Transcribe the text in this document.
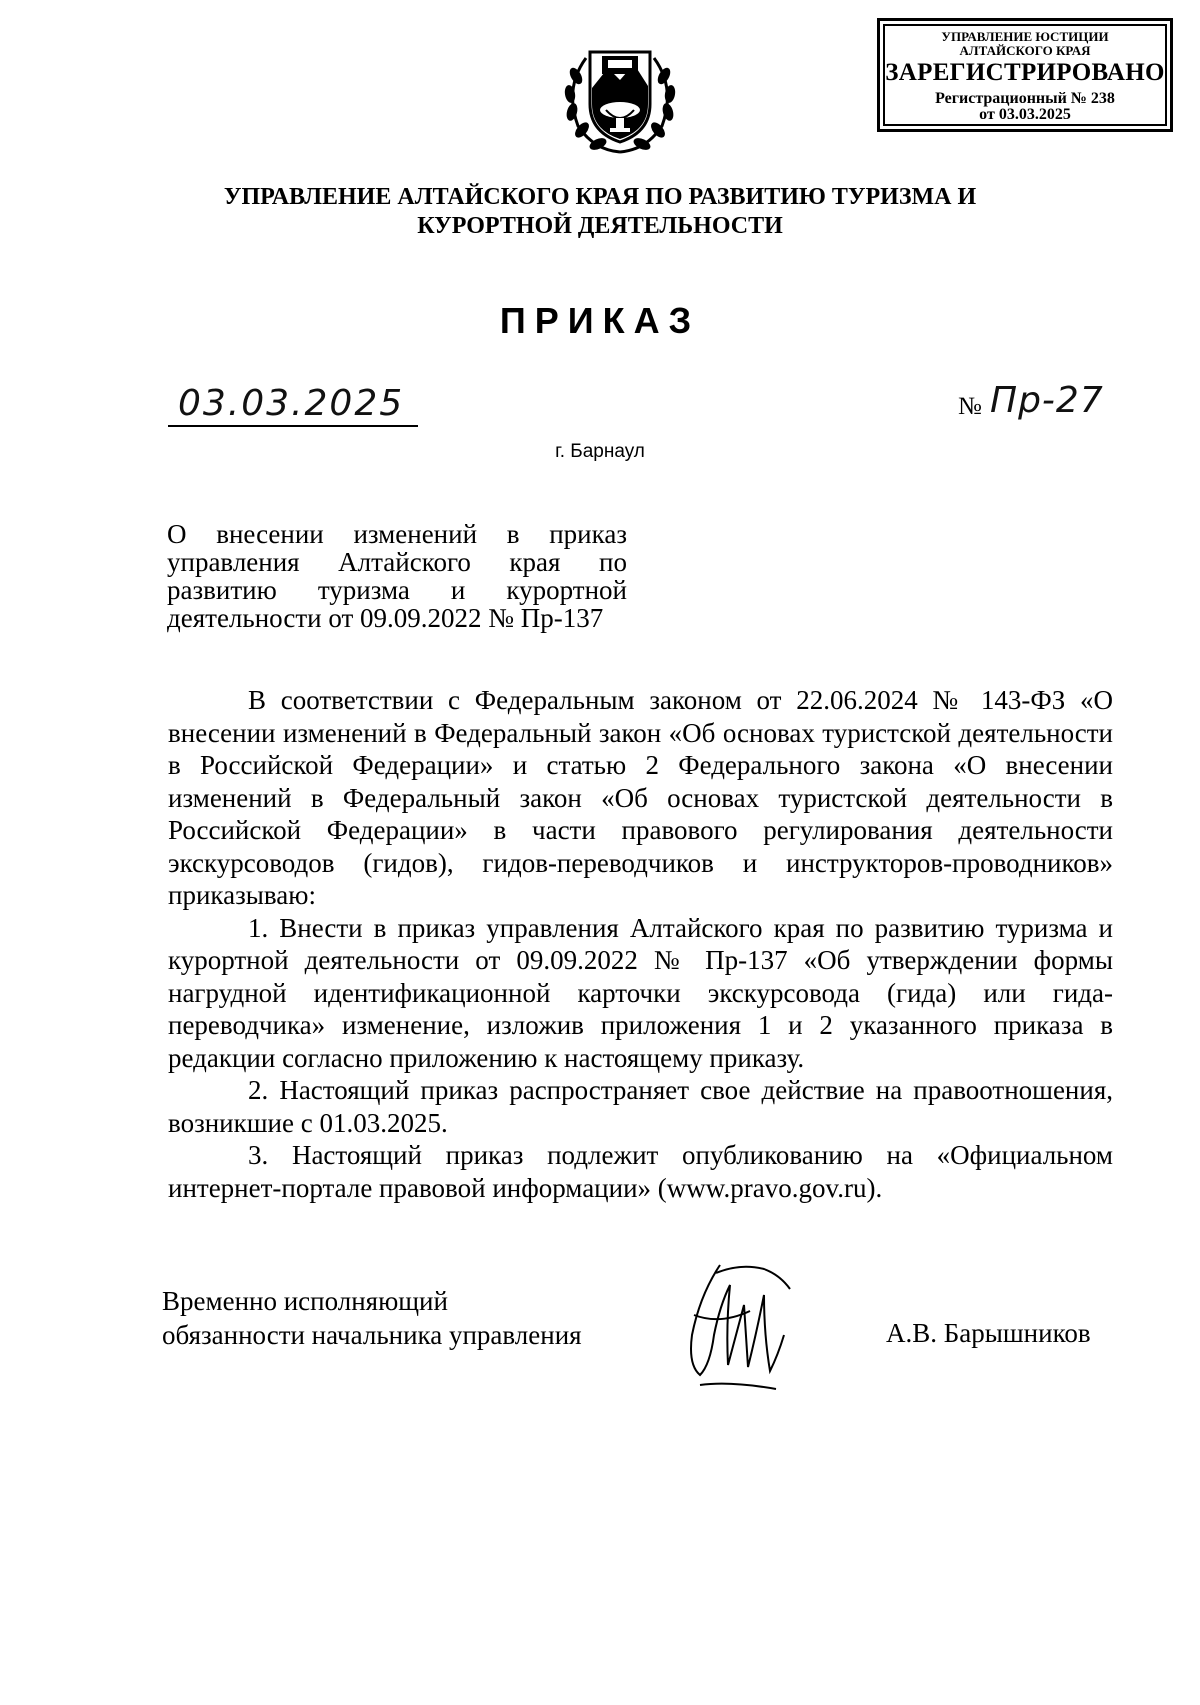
УПРАВЛЕНИЕ ЮСТИЦИИ
АЛТАЙСКОГО КРАЯ
ЗАРЕГИСТРИРОВАНО
Регистрационный № 238
от 03.03.2025
УПРАВЛЕНИЕ АЛТАЙСКОГО КРАЯ ПО РАЗВИТИЮ ТУРИЗМА И
КУРОРТНОЙ ДЕЯТЕЛЬНОСТИ
ПРИКАЗ
03.03.2025	№ Пр-27
г. Барнаул
О внесении изменений в приказ управления Алтайского края по развитию туризма и курортной деятельности от 09.09.2022 № Пр-137

В соответствии с Федеральным законом от 22.06.2024 № 143-ФЗ «О внесении изменений в Федеральный закон «Об основах туристской деятельности в Российской Федерации» и статью 2 Федерального закона «О внесении изменений в Федеральный закон «Об основах туристской деятельности в Российской Федерации» в части правового регулирования деятельности экскурсоводов (гидов), гидов-переводчиков и инструкторов-проводников» приказываю:

1. Внести в приказ управления Алтайского края по развитию туризма и курортной деятельности от 09.09.2022 № Пр-137 «Об утверждении формы нагрудной идентификационной карточки экскурсовода (гида) или гида-переводчика» изменение, изложив приложения 1 и 2 указанного приказа в редакции согласно приложению к настоящему приказу.

2. Настоящий приказ распространяет свое действие на правоотношения, возникшие с 01.03.2025.

3. Настоящий приказ подлежит опубликованию на «Официальном интернет-портале правовой информации» (www.pravo.gov.ru).

Временно исполняющий
обязанности начальника управления	А.В. Барышников
